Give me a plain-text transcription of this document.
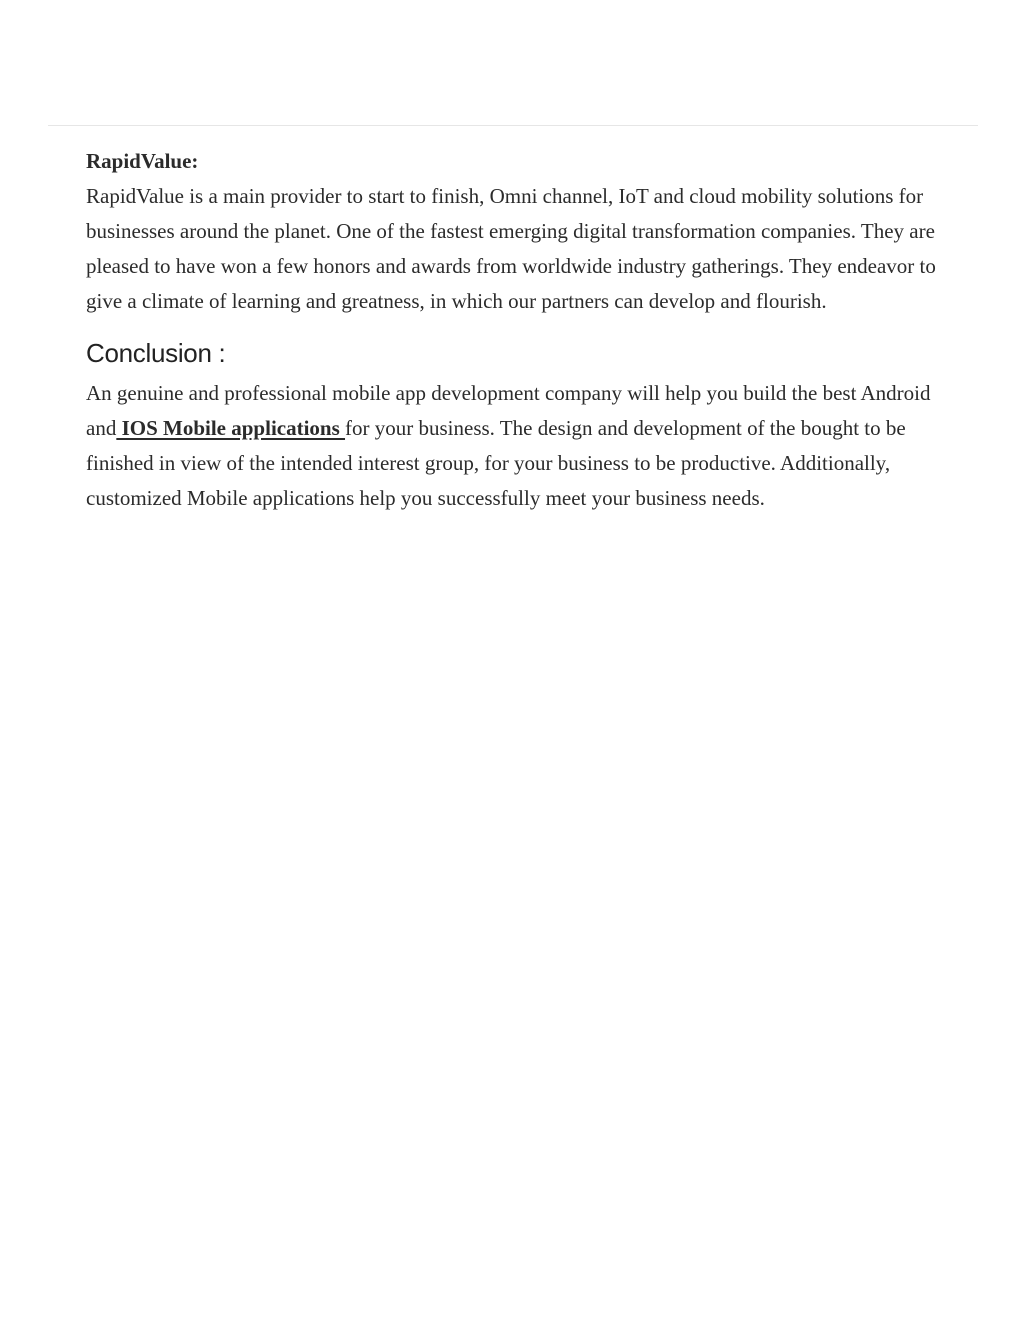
RapidValue:

RapidValue is a main provider to start to finish, Omni channel, IoT and cloud mobility solutions for businesses around the planet. One of the fastest emerging digital transformation companies. They are pleased to have won a few honors and awards from worldwide industry gatherings. They endeavor to give a climate of learning and greatness, in which our partners can develop and flourish.

Conclusion :

An genuine and professional mobile app development company will help you build the best Android and IOS Mobile applications for your business. The design and development of the bought to be finished in view of the intended interest group, for your business to be productive. Additionally, customized Mobile applications help you successfully meet your business needs.
